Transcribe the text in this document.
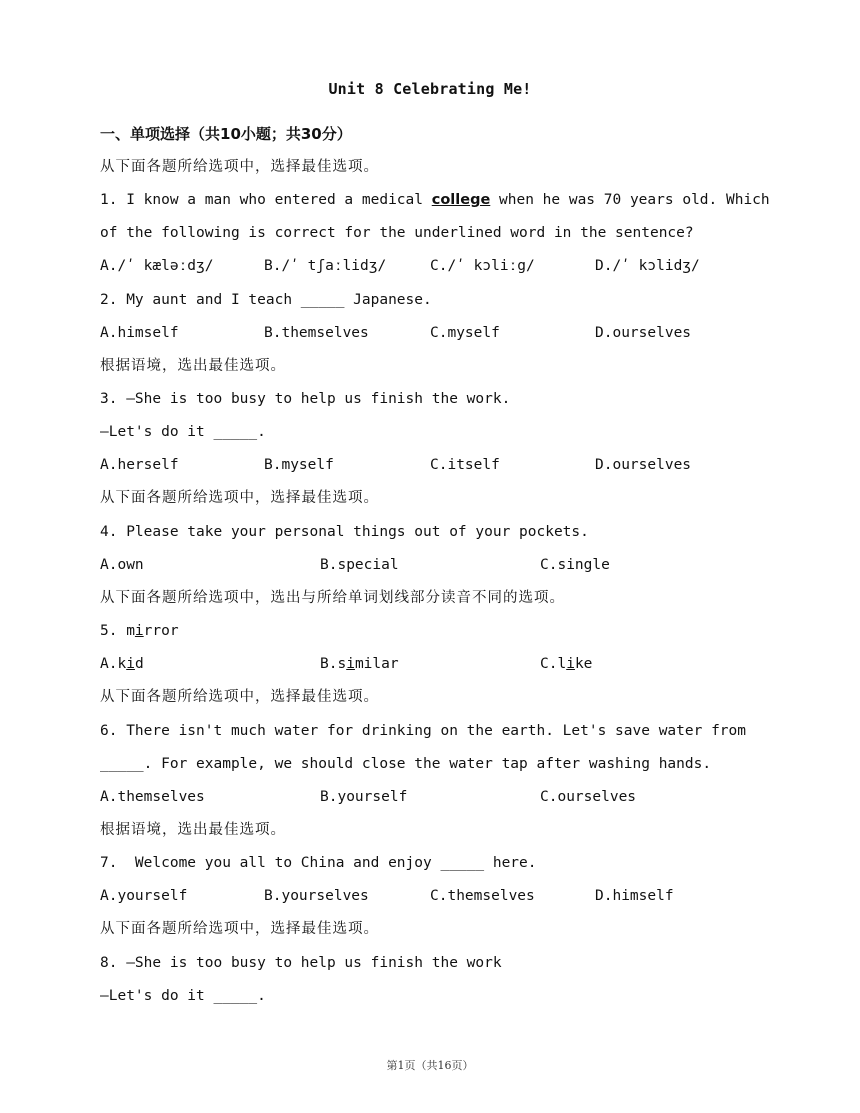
Unit 8 Celebrating Me!
一、单项选择（共10小题；共30分）
从下面各题所给选项中，选择最佳选项。
1. I know a man who entered a medical college when he was 70 years old. Which
of the following is correct for the underlined word in the sentence?
A./ʹ kæləːdʒ/	B./ʹ tʃaːlidʒ/	C./ʹ kɔliːg/	D./ʹ kɔlidʒ/
2. My aunt and I teach _____ Japanese.
A.himself	B.themselves	C.myself	D.ourselves
根据语境，选出最佳选项。
3. —She is too busy to help us finish the work.
—Let's do it _____.
A.herself	B.myself	C.itself	D.ourselves
从下面各题所给选项中，选择最佳选项。
4. Please take your personal things out of your pockets.
A.own	B.special	C.single
从下面各题所给选项中，选出与所给单词划线部分读音不同的选项。
5. mirror
A.kid	B.similar	C.like
从下面各题所给选项中，选择最佳选项。
6. There isn't much water for drinking on the earth. Let's save water from
_____. For example, we should close the water tap after washing hands.
A.themselves	B.yourself	C.ourselves
根据语境，选出最佳选项。
7.  Welcome you all to China and enjoy _____ here.
A.yourself	B.yourselves	C.themselves	D.himself
从下面各题所给选项中，选择最佳选项。
8. —She is too busy to help us finish the work
—Let's do it _____.
第1页（共16页）
